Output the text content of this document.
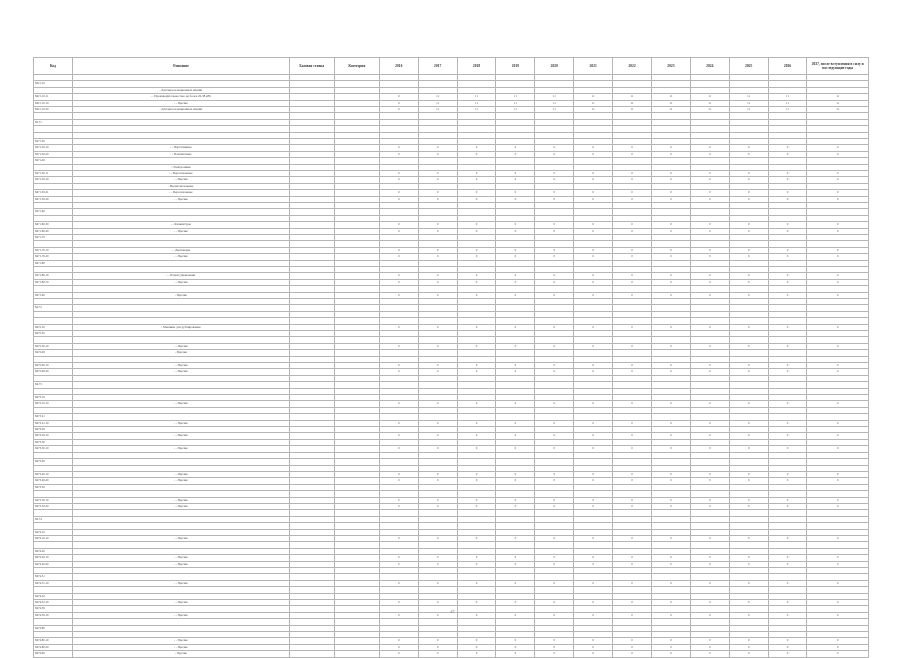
Код	Описание	Базовая ставка	Категория	2016	2017	2018	2019	2020	2021	2022	2023	2024	2025	2026	2027, после вступления в силу и последующие годы

8415.10															
	- Для многосекционных машин														
8415.10.11	- - Производительностью не более 26,38 кВт			0	11	11	11	11	11	11	11	11	11	11	11
8415.10.19	- - Прочие			0	11	11	11	11	11	11	11	11	11	11	11
8415.10.20	- Для многосекционных машин			0	11	11	11	11	11	11	11	11	11	11	11

84.71															

8471.30															
8471.30.10	- - Портативные			0	0	0	0	0	0	0	0	0	0	0	0
8471.30.20	- - Планшетные			0	0	0	0	0	0	0	0	0	0	0	0
8471.40															
	- Электронные														
8471.50.11	- - Персональные			0	0	0	0	0	0	0	0	0	0	0	0
8471.50.19	- - Прочие			0	0	0	0	0	0	0	0	0	0	0	0
	- Вычислительные														
8471.50.21	- - Персональные			0	0	0	0	0	0	0	0	0	0	0	0
8471.50.29	- - Прочие			0	0	0	0	0	0	0	0	0	0	0	0

8471.60															

8471.60.30	- - Клавиатуры			0	0	0	0	0	0	0	0	0	0	0	0
8471.60.40	- - Прочие			0	0	0	0	0	0	0	0	0	0	0	0
8471.70															

8471.70.10	- - Дисководы			0	0	0	0	0	0	0	0	0	0	0	0
8471.70.20	- - Прочие			0	0	0	0	0	0	0	0	0	0	0	0
8471.80															

8471.80.10	- - Блоки управления			0	0	0	0	0	0	0	0	0	0	0	0
8471.80.70	- - Прочие			0	0	0	0	0	0	0	0	0	0	0	0

8471.90	- Прочие			0	0	0	0	0	0	0	0	0	0	0	0

84.72															

8472.10	- Машины для дублирования			0	0	0	0	0	0	0	0	0	0	0	0
8472.30															

8472.30.10	- - Прочие			0	0	0	0	0	0	0	0	0	0	0	0
8472.90	- Прочие														

8472.90.10	- - Прочие			0	0	0	0	0	0	0	0	0	0	0	0
8472.90.20	- - Прочие			0	0	0	0	0	0	0	0	0	0	0	0

84.73															

8473.10															
8473.10.10	- - Прочие			0	0	0	0	0	0	0	0	0	0	0	0

8473.21															
8473.21.10	- - Прочие			0	0	0	0	0	0	0	0	0	0	0	0
8473.29															
8473.29.10	- - Прочие			0	0	0	0	0	0	0	0	0	0	0	0
8473.30															
8473.30.10	- - Прочие			0	0	0	0	0	0	0	0	0	0	0	0

8473.40															

8473.40.10	- - Прочие			0	0	0	0	0	0	0	0	0	0	0	0
8473.40.20	- - Прочие			0	0	0	0	0	0	0	0	0	0	0	0
8473.50															

8473.50.10	- - Прочие			0	0	0	0	0	0	0	0	0	0	0	0
8473.50.20	- - Прочие			0	0	0	0	0	0	0	0	0	0	0	0

84.74															

8474.10															
8474.10.10	- - Прочие			0	0	0	0	0	0	0	0	0	0	0	0

8474.20															
8474.20.10	- - Прочие			0	0	0	0	0	0	0	0	0	0	0	0
8474.20.20	- - Прочие			0	0	0	0	0	0	0	0	0	0	0	0

8474.31															
8474.31.10	- - Прочие			0	0	0	0	0	0	0	0	0	0	0	0

8474.32															
8474.32.10	- - Прочие			0	0	0	0	0	0	0	0	0	0	0	0
8474.39															
8474.39.10	- - Прочие			0	0	0	0	0	0	0	0	0	0	0	0

8474.80															

8474.80.10	- - Прочие			0	0	0	0	0	0	0	0	0	0	0	0
8474.80.20	- - Прочие			0	0	0	0	0	0	0	0	0	0	0	0
8474.90	- Прочие			0	0	0	0	0	0	0	0	0	0	0	0
47
